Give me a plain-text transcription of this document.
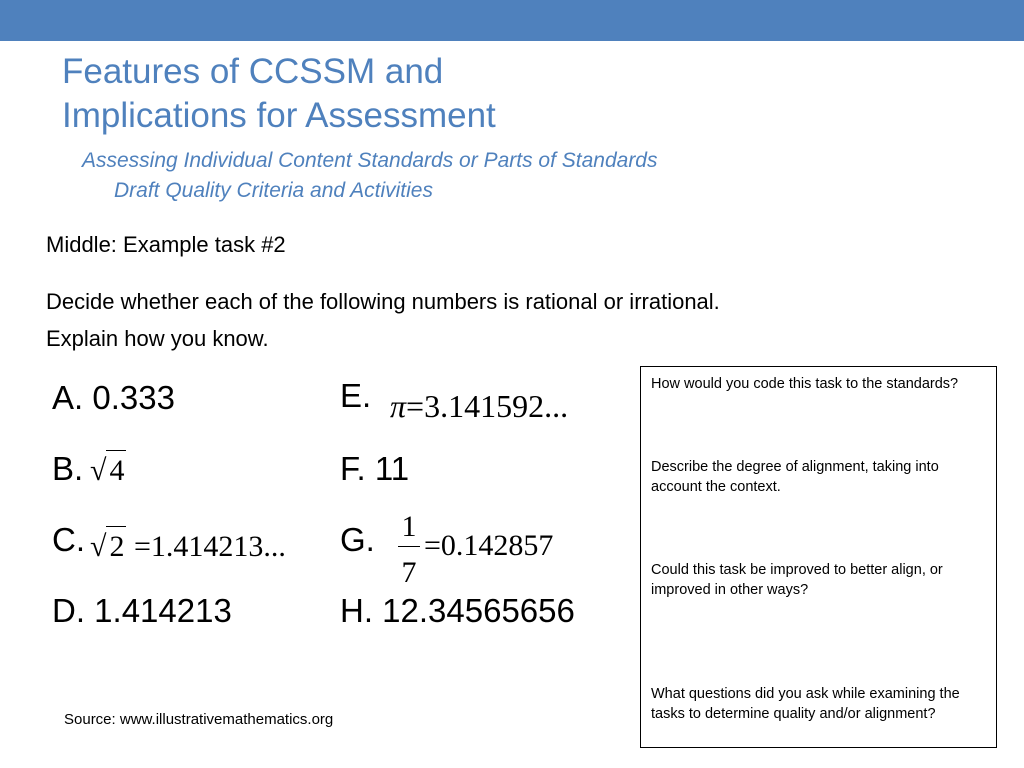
Features of CCSSM and
Implications for Assessment
Assessing Individual Content Standards or Parts of Standards
Draft Quality Criteria and Activities
Middle: Example task #2
Decide whether each of the following numbers is rational or irrational.
Explain how you know.
A. 0.333
B. √ 4
C. √ 2 =1.414213...
D. 1.414213
E. π=3.141592...
F. 11
G. 1
7
=0.142857
H. 12.34565656
How would you code this task to the standards?
Describe the degree of alignment, taking into account the context.
Could this task be improved to better align, or improved in other ways?
What questions did you ask while examining the tasks to determine quality and/or alignment?
Source: www.illustrativemathematics.org
